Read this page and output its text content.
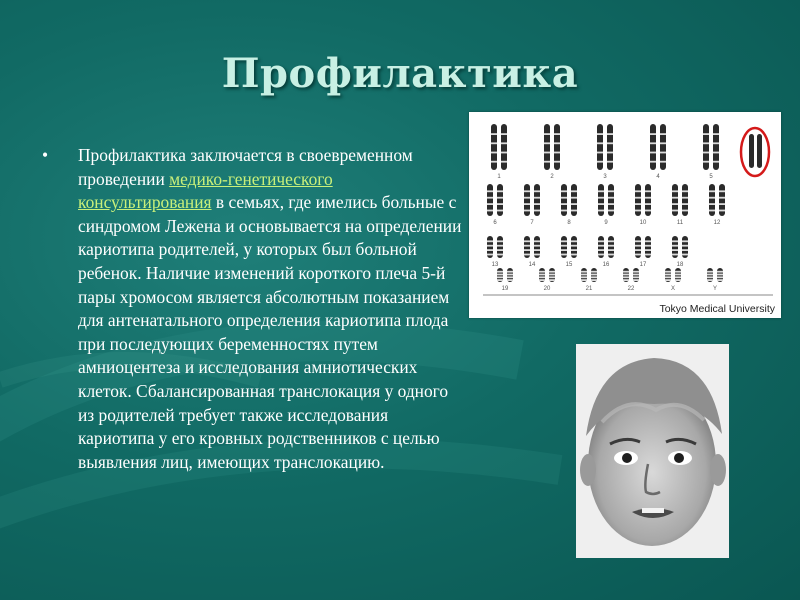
Профилактика
•	Профилактика заключается в своевременном проведении медико-генетического консультирования в семьях, где имелись больные с синдромом Лежена и основывается на определении кариотипа родителей, у которых был больной ребенок. Наличие изменений короткого плеча 5-й пары хромосом является абсолютным показанием для антенатального определения кариотипа плода при последующих беременностях путем амниоцентеза и исследования амниотических клеток. Сбалансированная транслокация у одного из родителей требует также исследования кариотипа у его кровных родственников с целью выявления лиц, имеющих транслокацию.
1	2	3	4	5
6	7	8	9	10	11	12
13	14	15	16	17	18
19	20	21	22	X	Y
Tokyo Medical University
